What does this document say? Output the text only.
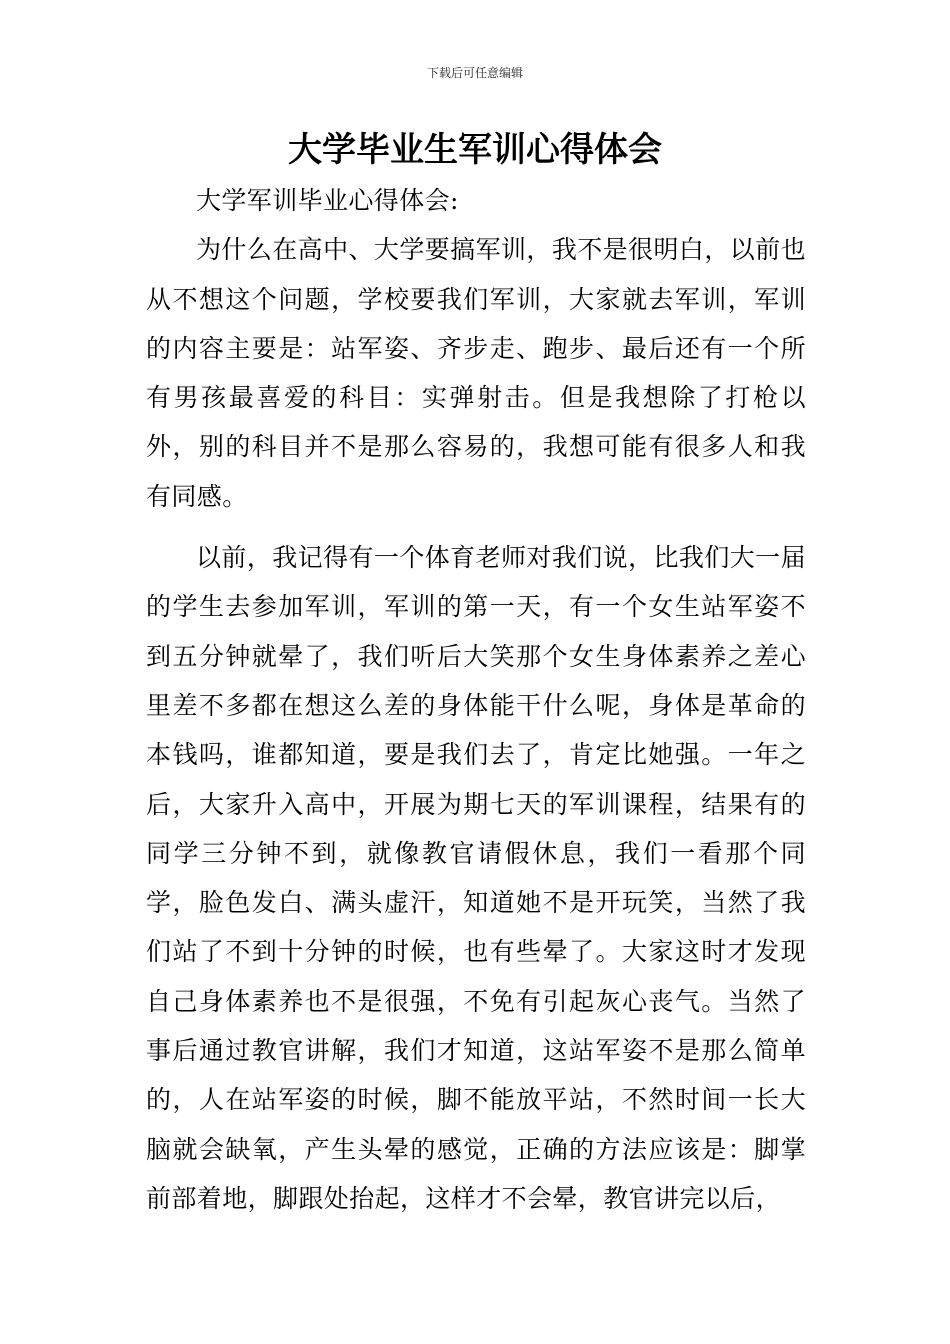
下载后可任意编辑
大学毕业生军训心得体会

大学军训毕业心得体会:

为什么在高中、大学要搞军训，我不是很明白，以前也从不想这个问题，学校要我们军训，大家就去军训，军训的内容主要是：站军姿、齐步走、跑步、最后还有一个所有男孩最喜爱的科目：实弹射击。但是我想除了打枪以外，别的科目并不是那么容易的，我想可能有很多人和我有同感。

以前，我记得有一个体育老师对我们说，比我们大一届的学生去参加军训，军训的第一天，有一个女生站军姿不到五分钟就晕了，我们听后大笑那个女生身体素养之差心里差不多都在想这么差的身体能干什么呢，身体是革命的本钱吗，谁都知道，要是我们去了，肯定比她强。一年之后，大家升入高中，开展为期七天的军训课程，结果有的同学三分钟不到，就像教官请假休息，我们一看那个同学，脸色发白、满头虚汗，知道她不是开玩笑，当然了我们站了不到十分钟的时候，也有些晕了。大家这时才发现自己身体素养也不是很强，不免有引起灰心丧气。当然了事后通过教官讲解，我们才知道，这站军姿不是那么简单的，人在站军姿的时候，脚不能放平站，不然时间一长大脑就会缺氧，产生头晕的感觉，正确的方法应该是：脚掌前部着地，脚跟处抬起，这样才不会晕，教官讲完以后，
